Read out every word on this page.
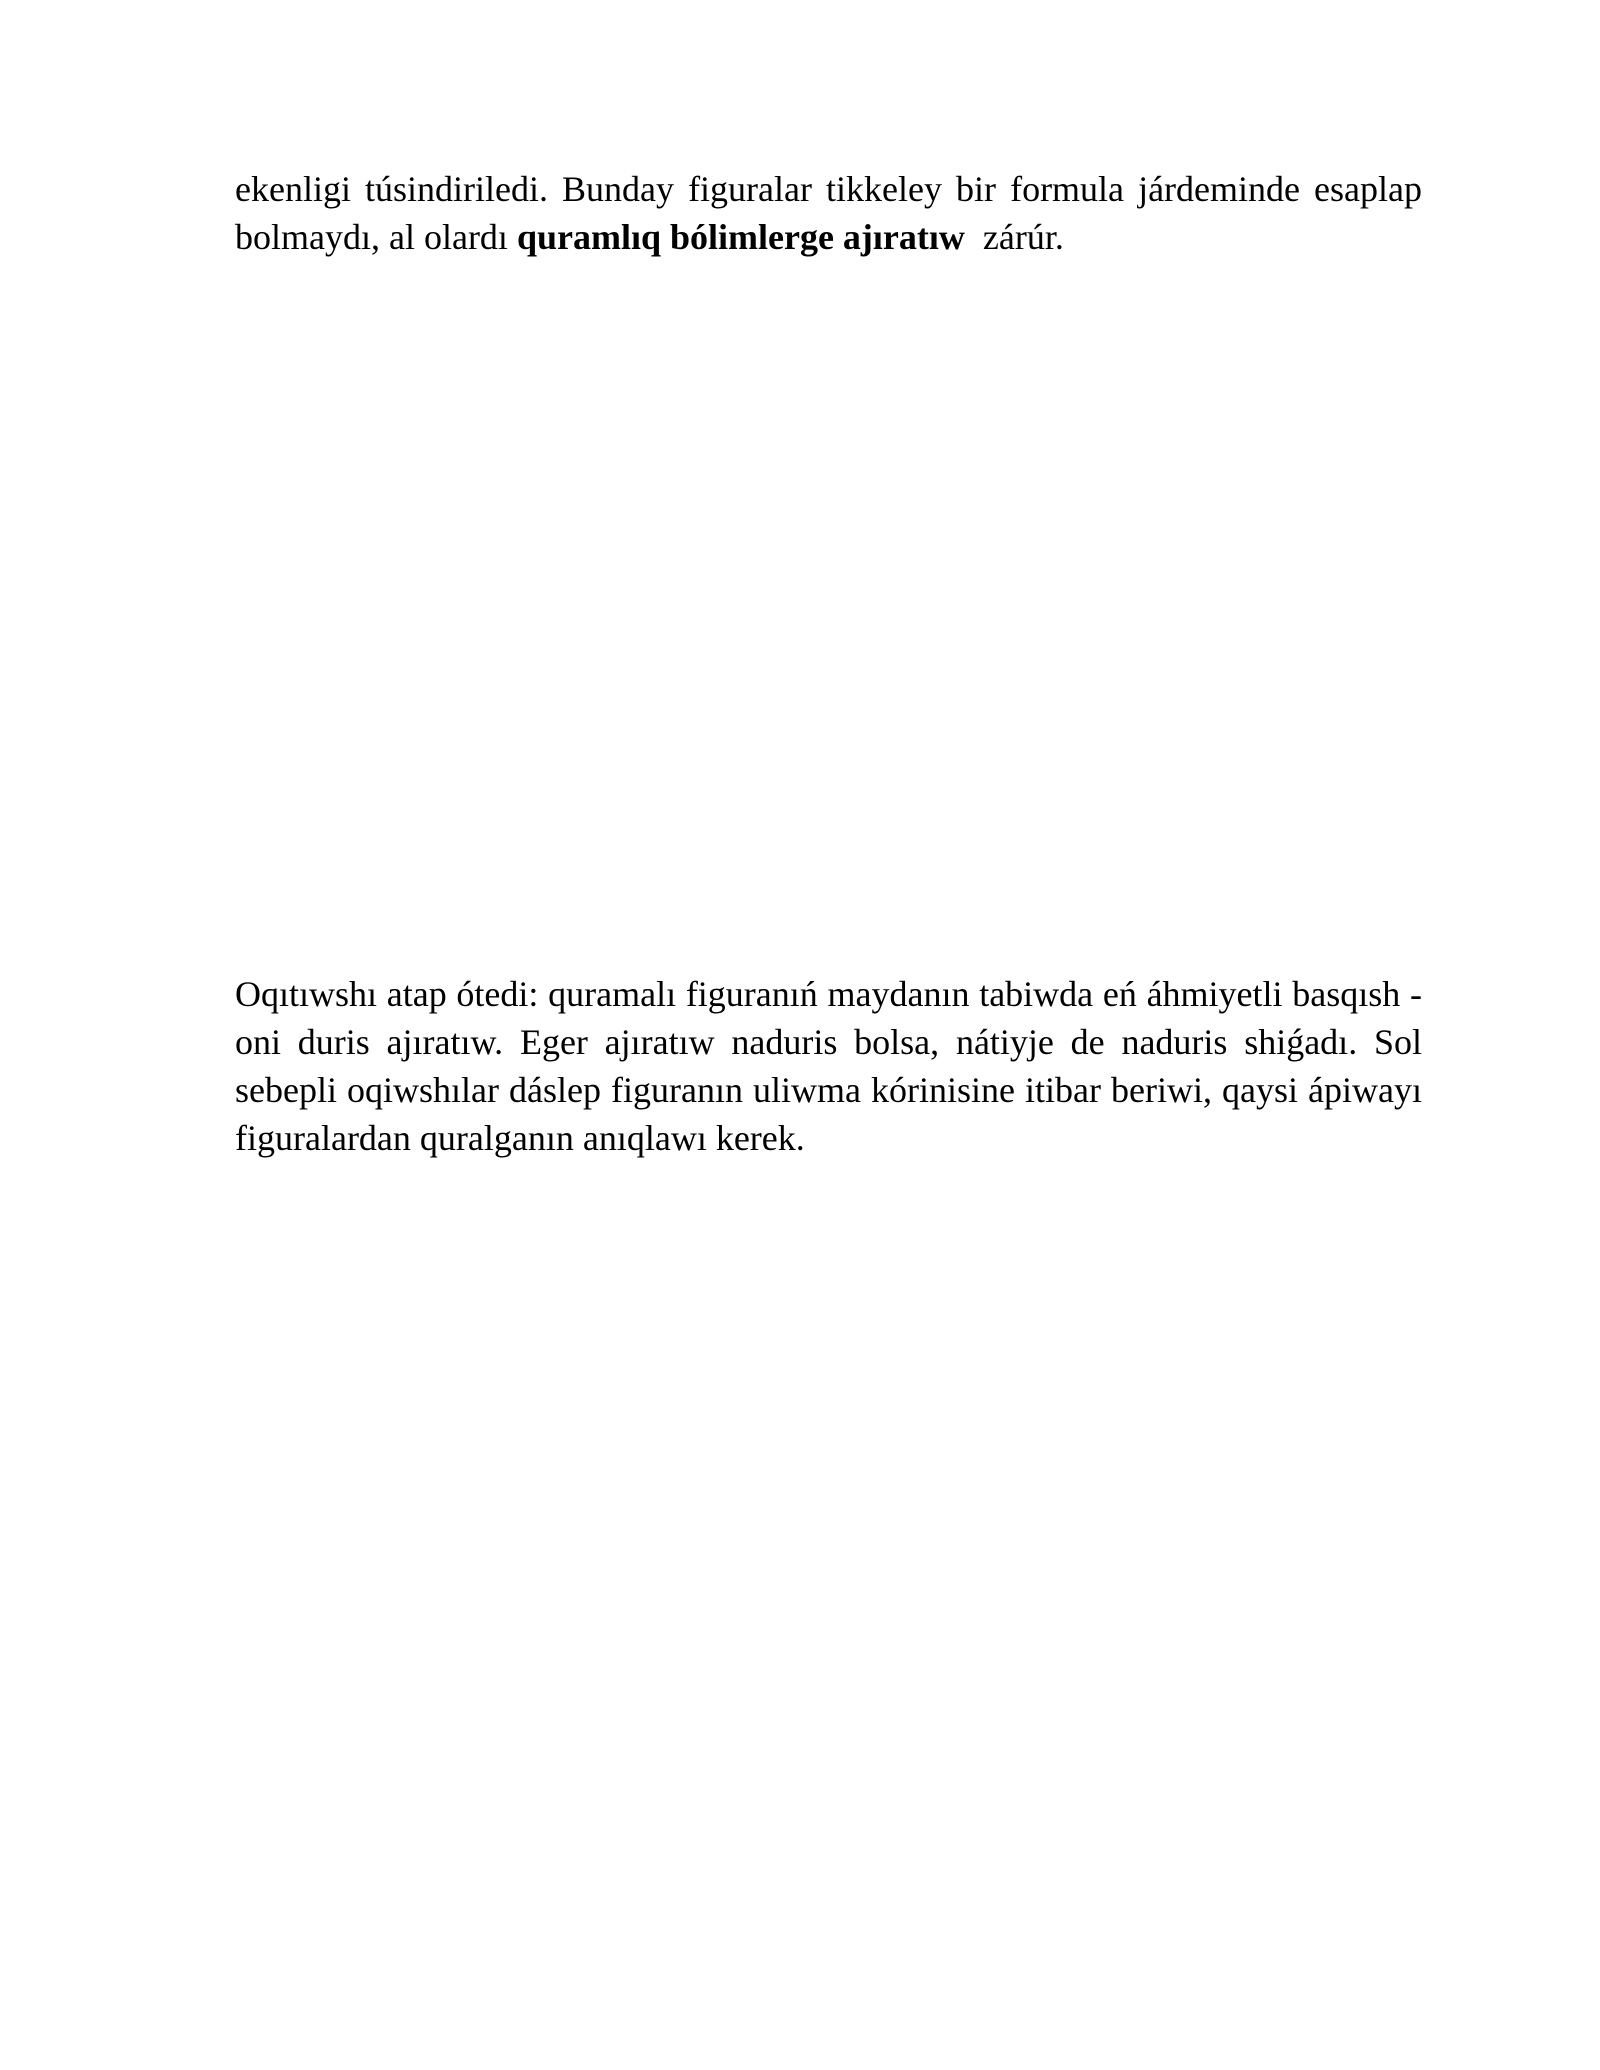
ekenligi túsindiriledi. Bunday figuralar tikkeley bir formula járdeminde esaplap bolmaydı, al olardı quramlıq bólimlerge ajıratıw  zárúr.

Oqıtıwshı atap ótedi: quramalı figuranıń maydanın tabiwda eń áhmiyetli basqısh - oni duris ajıratıw. Eger ajıratıw naduris bolsa, nátiyje de naduris shiǵadı. Sol sebepli oqiwshılar dáslep figuranın uliwma kórinisine itibar beriwi, qaysi ápiwayı figuralardan quralganın anıqlawı kerek.
